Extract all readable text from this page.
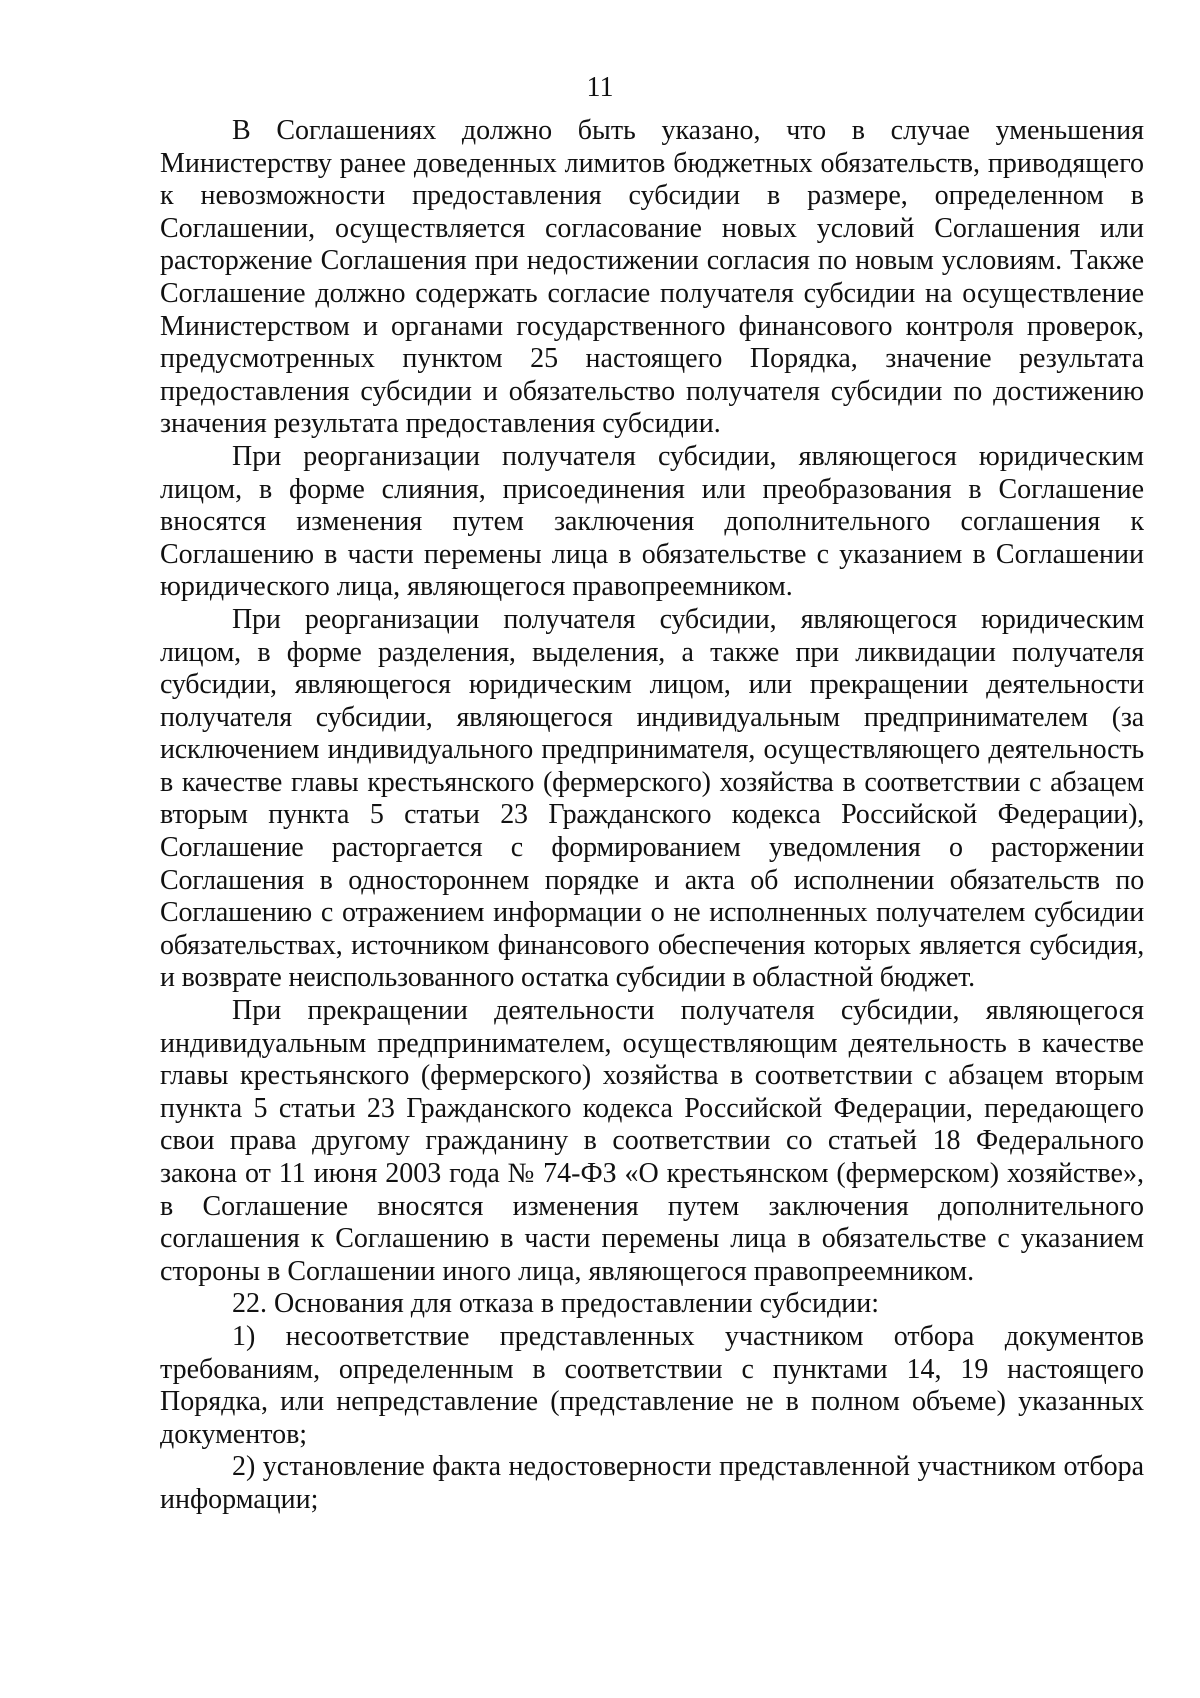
11

В Соглашениях должно быть указано, что в случае уменьшения Министерству ранее доведенных лимитов бюджетных обязательств, приводящего к невозможности предоставления субсидии в размере, определенном в Соглашении, осуществляется согласование новых условий Соглашения или расторжение Соглашения при недостижении согласия по новым условиям. Также Соглашение должно содержать согласие получателя субсидии на осуществление Министерством и органами государственного финансового контроля проверок, предусмотренных пунктом 25 настоящего Порядка, значение результата предоставления субсидии и обязательство получателя субсидии по достижению значения результата предоставления субсидии.

При реорганизации получателя субсидии, являющегося юридическим лицом, в форме слияния, присоединения или преобразования в Соглашение вносятся изменения путем заключения дополнительного соглашения к Соглашению в части перемены лица в обязательстве с указанием в Соглашении юридического лица, являющегося правопреемником.

При реорганизации получателя субсидии, являющегося юридическим лицом, в форме разделения, выделения, а также при ликвидации получателя субсидии, являющегося юридическим лицом, или прекращении деятельности получателя субсидии, являющегося индивидуальным предпринимателем (за исключением индивидуального предпринимателя, осуществляющего деятельность в качестве главы крестьянского (фермерского) хозяйства в соответствии с абзацем вторым пункта 5 статьи 23 Гражданского кодекса Российской Федерации), Соглашение расторгается с формированием уведомления о расторжении Соглашения в одностороннем порядке и акта об исполнении обязательств по Соглашению с отражением информации о не исполненных получателем субсидии обязательствах, источником финансового обеспечения которых является субсидия, и возврате неиспользованного остатка субсидии в областной бюджет.

При прекращении деятельности получателя субсидии, являющегося индивидуальным предпринимателем, осуществляющим деятельность в качестве главы крестьянского (фермерского) хозяйства в соответствии с абзацем вторым пункта 5 статьи 23 Гражданского кодекса Российской Федерации, передающего свои права другому гражданину в соответствии со статьей 18 Федерального закона от 11 июня 2003 года № 74-ФЗ «О крестьянском (фермерском) хозяйстве», в Соглашение вносятся изменения путем заключения дополнительного соглашения к Соглашению в части перемены лица в обязательстве с указанием стороны в Соглашении иного лица, являющегося правопреемником.

22. Основания для отказа в предоставлении субсидии:

1) несоответствие представленных участником отбора документов требованиям, определенным в соответствии с пунктами 14, 19 настоящего Порядка, или непредставление (представление не в полном объеме) указанных документов;

2) установление факта недостоверности представленной участником отбора информации;
